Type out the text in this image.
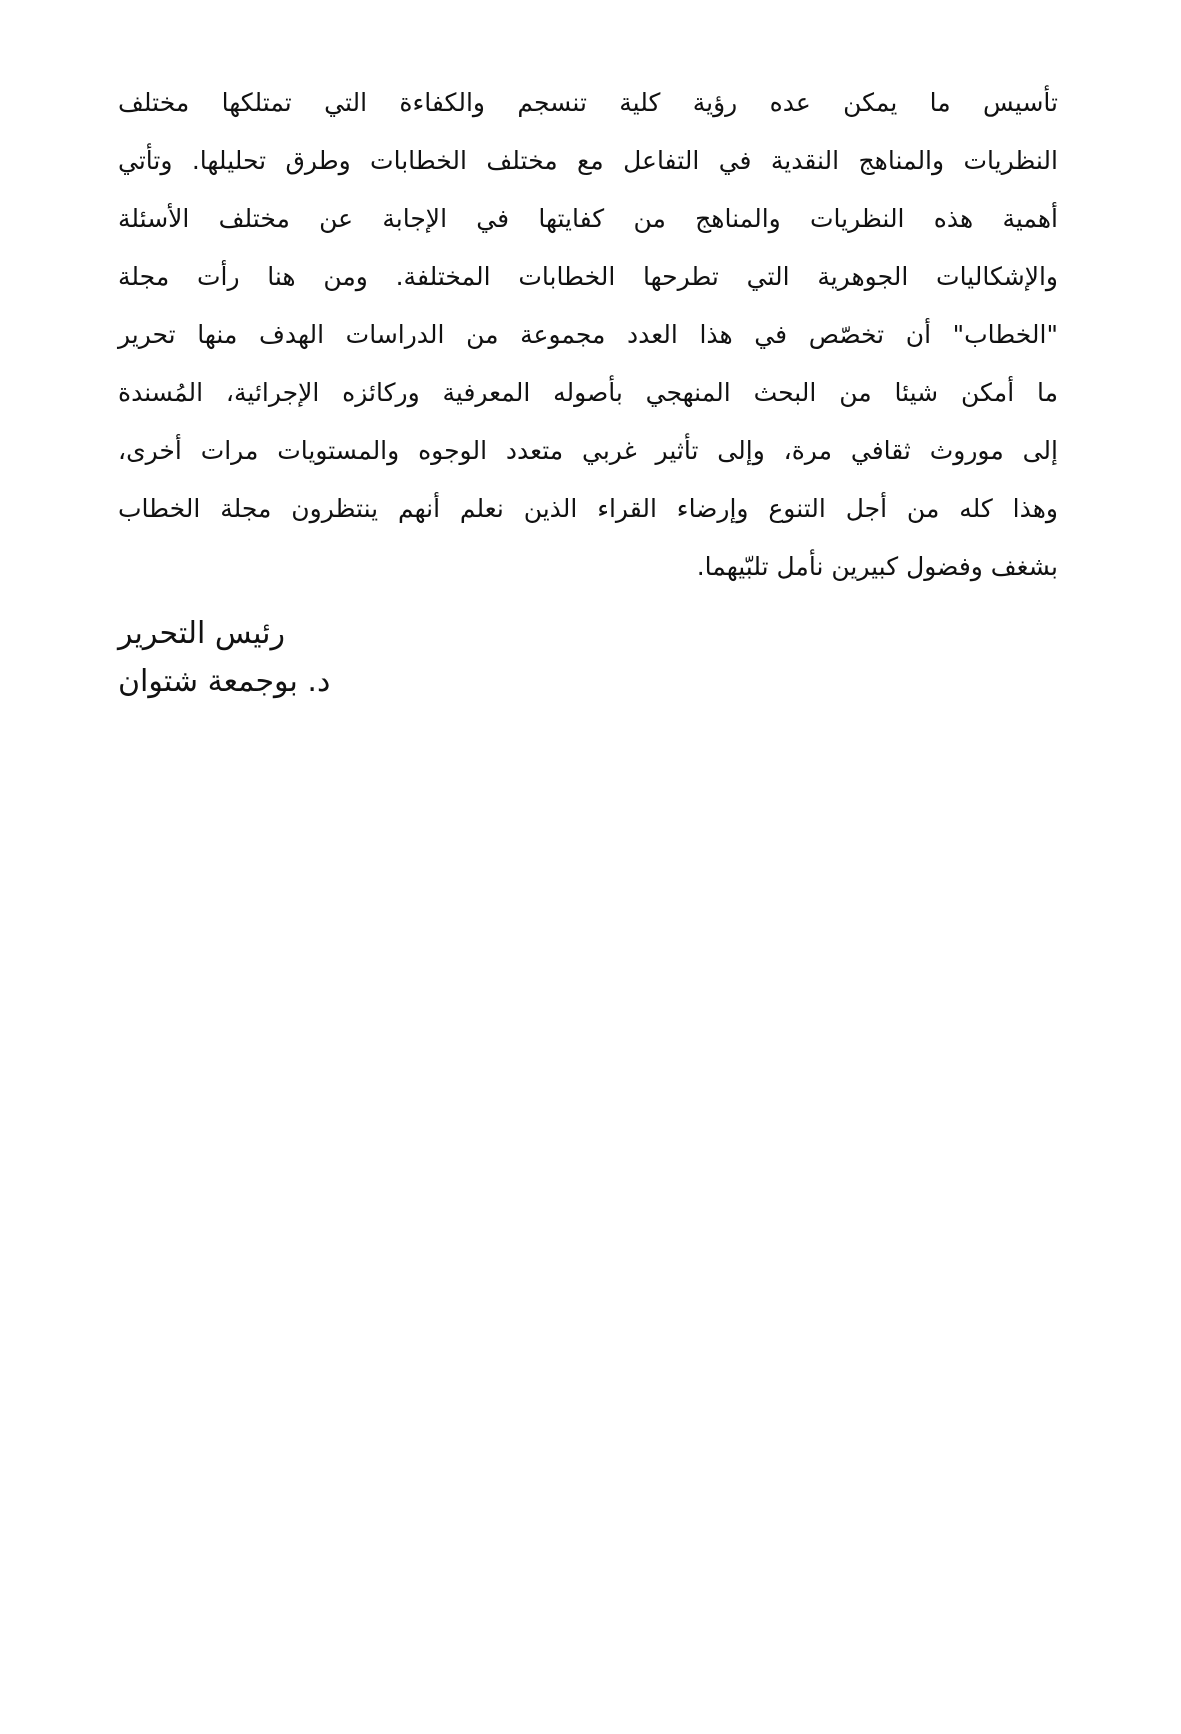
تأسيس ما يمكن عده رؤية كلية تنسجم والكفاءة التي تمتلكها مختلف
النظريات والمناهج النقدية في التفاعل مع مختلف الخطابات وطرق تحليلها. وتأتي
أهمية هذه النظريات والمناهج من كفايتها في الإجابة عن مختلف الأسئلة
والإشكاليات الجوهرية التي تطرحها الخطابات المختلفة. ومن هنا رأت مجلة
"الخطاب" أن تخصّص في هذا العدد مجموعة من الدراسات الهدف منها تحرير
ما أمكن شيئا من البحث المنهجي بأصوله المعرفية وركائزه الإجرائية، المُسندة
إلى موروث ثقافي مرة، وإلى تأثير غربي متعدد الوجوه والمستويات مرات أخرى،
وهذا كله من أجل التنوع وإرضاء القراء الذين نعلم أنهم ينتظرون مجلة الخطاب
بشغف وفضول كبيرين نأمل تلبّيهما.
رئيس التحرير
د. بوجمعة شتوان
